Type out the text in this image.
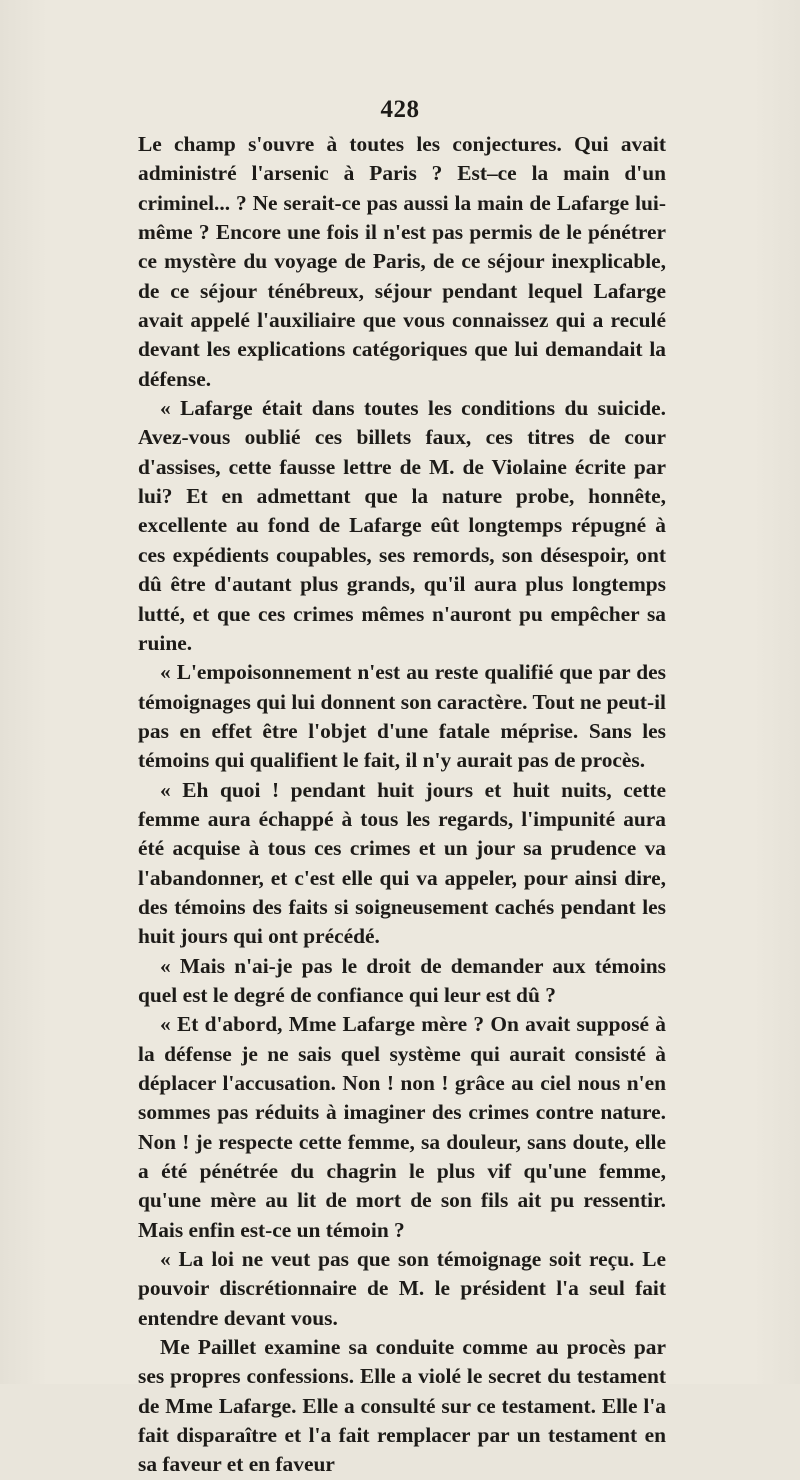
428

Le champ s'ouvre à toutes les conjectures. Qui avait administré l'arsenic à Paris ? Est–ce la main d'un criminel... ? Ne serait-ce pas aussi la main de Lafarge lui-même ? Encore une fois il n'est pas permis de le pénétrer ce mystère du voyage de Paris, de ce séjour inexplicable, de ce séjour ténébreux, séjour pendant lequel Lafarge avait appelé l'auxiliaire que vous connaissez qui a reculé devant les explications catégoriques que lui demandait la défense.

« Lafarge était dans toutes les conditions du suicide. Avez-vous oublié ces billets faux, ces titres de cour d'assises, cette fausse lettre de M. de Violaine écrite par lui? Et en admettant que la nature probe, honnête, excellente au fond de Lafarge eût longtemps répugné à ces expédients coupables, ses remords, son désespoir, ont dû être d'autant plus grands, qu'il aura plus longtemps lutté, et que ces crimes mêmes n'auront pu empêcher sa ruine.

« L'empoisonnement n'est au reste qualifié que par des témoignages qui lui donnent son caractère. Tout ne peut-il pas en effet être l'objet d'une fatale méprise. Sans les témoins qui qualifient le fait, il n'y aurait pas de procès.

« Eh quoi ! pendant huit jours et huit nuits, cette femme aura échappé à tous les regards, l'impunité aura été acquise à tous ces crimes et un jour sa prudence va l'abandonner, et c'est elle qui va appeler, pour ainsi dire, des témoins des faits si soigneusement cachés pendant les huit jours qui ont précédé.

« Mais n'ai-je pas le droit de demander aux témoins quel est le degré de confiance qui leur est dû ?

« Et d'abord, Mme Lafarge mère ? On avait supposé à la défense je ne sais quel système qui aurait consisté à déplacer l'accusation. Non ! non ! grâce au ciel nous n'en sommes pas réduits à imaginer des crimes contre nature. Non ! je respecte cette femme, sa douleur, sans doute, elle a été pénétrée du chagrin le plus vif qu'une femme, qu'une mère au lit de mort de son fils ait pu ressentir. Mais enfin est-ce un témoin ?

« La loi ne veut pas que son témoignage soit reçu. Le pouvoir discrétionnaire de M. le président l'a seul fait entendre devant vous.

Me Paillet examine sa conduite comme au procès par ses propres confessions. Elle a violé le secret du testament de Mme Lafarge. Elle a consulté sur ce testament. Elle l'a fait disparaître et l'a fait remplacer par un testament en sa faveur et en faveur
